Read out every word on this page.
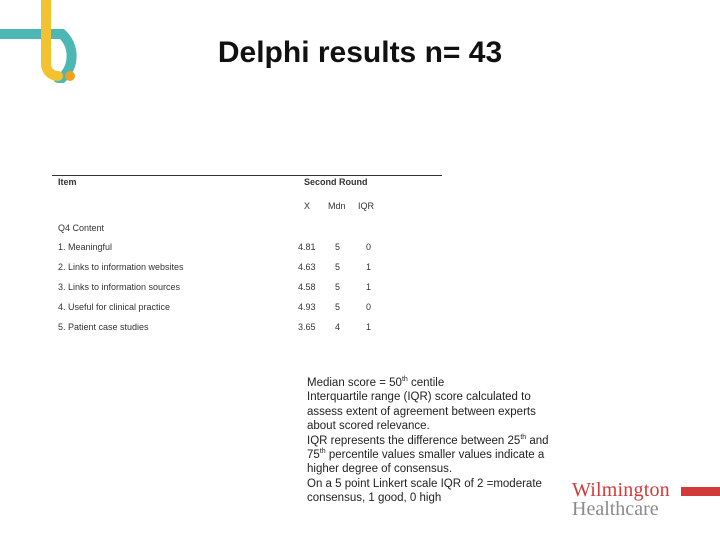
Delphi results n= 43
Item	Second Round
X Mdn IQR
Q4 Content
1. Meaningful	4.81 5	0
2. Links to information websites	4.63 5	1
3. Links to information sources	4.58 5	1
4. Useful for clinical practice	4.93 5	0
5. Patient case studies	3.65 4	1
Median score = 50th centile
Interquartile range (IQR) score calculated to assess extent of agreement between experts about scored relevance.
IQR represents the difference between 25th and 75th percentile values smaller values indicate a higher degree of consensus.
On a 5 point Linkert scale IQR of 2 =moderate consensus, 1 good, 0 high	Wilmington
Healthcare
